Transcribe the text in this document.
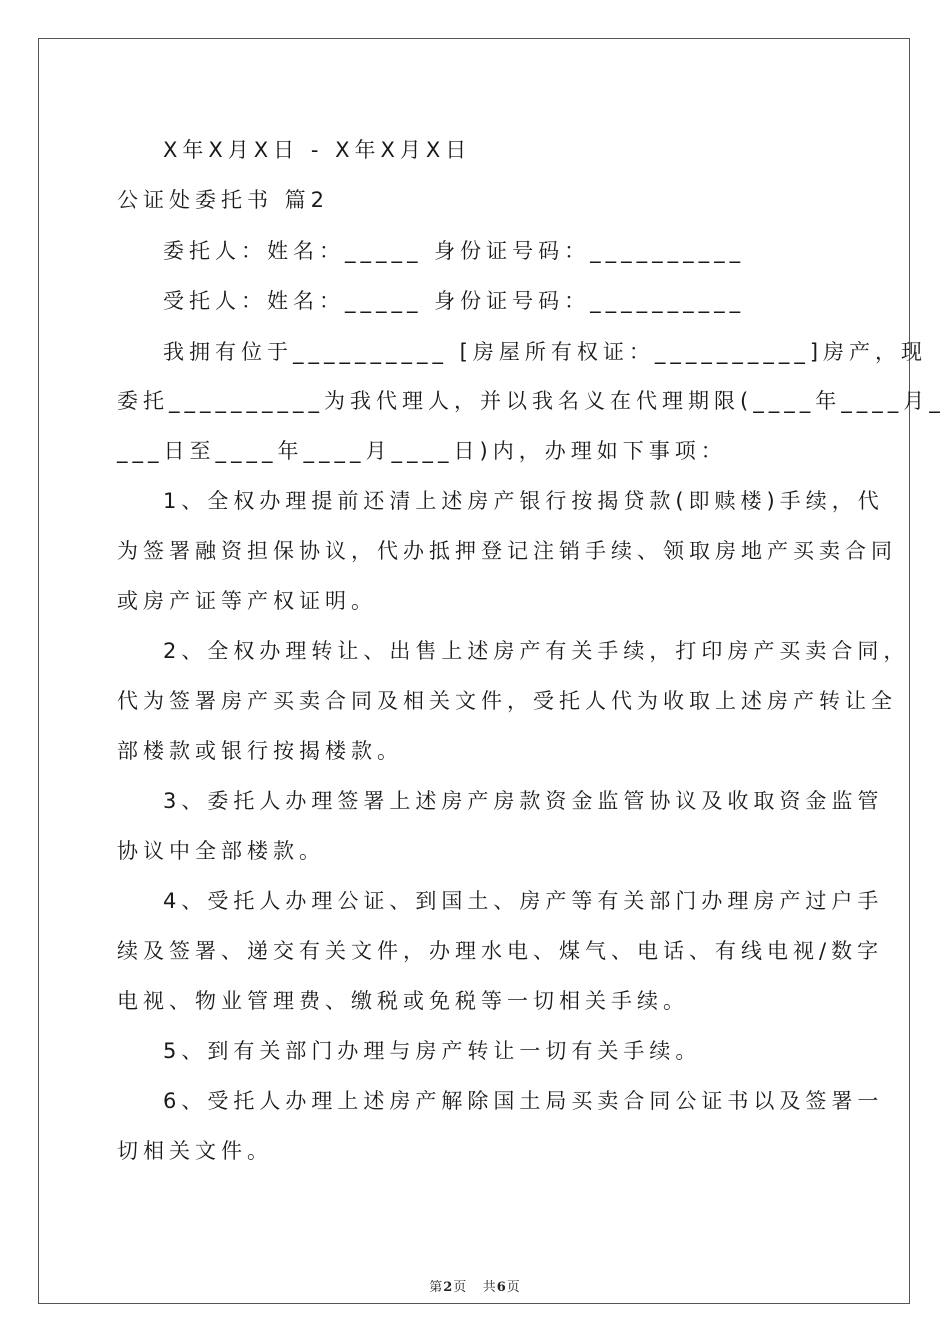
X年X月X日 - X年X月X日
公证处委托书 篇2
委托人：姓名：_____ 身份证号码：__________
受托人：姓名：_____ 身份证号码：__________
我拥有位于__________ [房屋所有权证：__________]房产，现
委托__________为我代理人，并以我名义在代理期限(____年____月_
___日至____年____月____日)内，办理如下事项：
1、全权办理提前还清上述房产银行按揭贷款(即赎楼)手续，代
为签署融资担保协议，代办抵押登记注销手续、领取房地产买卖合同
或房产证等产权证明。
2、全权办理转让、出售上述房产有关手续，打印房产买卖合同，
代为签署房产买卖合同及相关文件，受托人代为收取上述房产转让全
部楼款或银行按揭楼款。
3、委托人办理签署上述房产房款资金监管协议及收取资金监管
协议中全部楼款。
4、受托人办理公证、到国土、房产等有关部门办理房产过户手
续及签署、递交有关文件，办理水电、煤气、电话、有线电视/数字
电视、物业管理费、缴税或免税等一切相关手续。
5、到有关部门办理与房产转让一切有关手续。
6、受托人办理上述房产解除国土局买卖合同公证书以及签署一
切相关文件。
第2页 共6页
